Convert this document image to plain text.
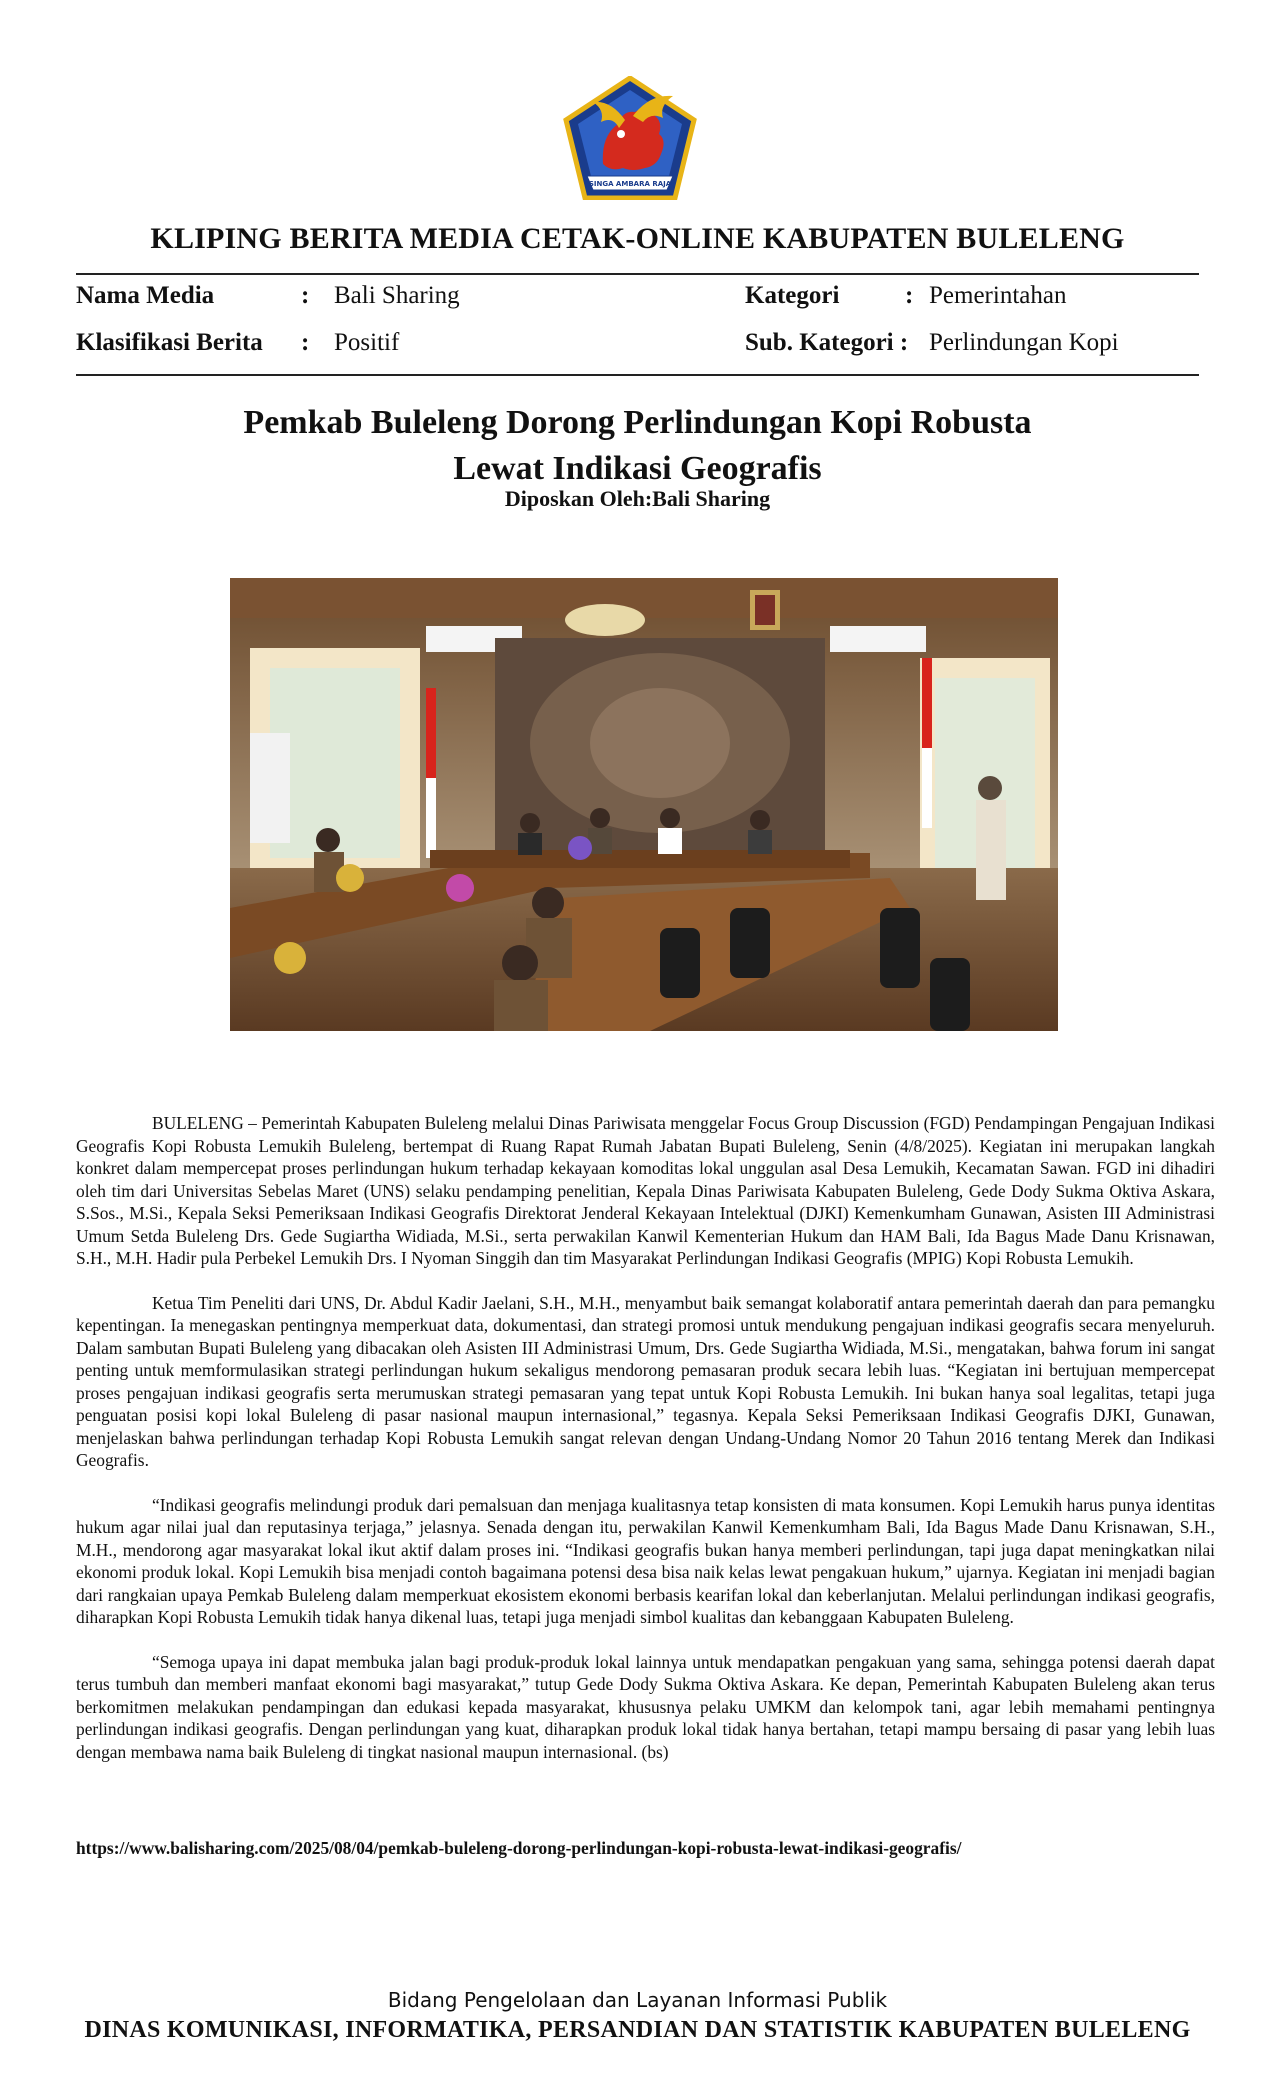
SINGA AMBARA RAJA
KLIPING BERITA MEDIA CETAK-ONLINE KABUPATEN BULELENG
Nama Media	: Bali Sharing	Kategori	: Pemerintahan
Klasifikasi Berita : Positif	Sub. Kategori : Perlindungan Kopi
Pemkab Buleleng Dorong Perlindungan Kopi Robusta
Lewat Indikasi Geografis
Diposkan Oleh:Bali Sharing

BULELENG – Pemerintah Kabupaten Buleleng melalui Dinas Pariwisata menggelar Focus Group Discussion (FGD) Pendampingan Pengajuan Indikasi Geografis Kopi Robusta Lemukih Buleleng, bertempat di Ruang Rapat Rumah Jabatan Bupati Buleleng, Senin (4/8/2025). Kegiatan ini merupakan langkah konkret dalam mempercepat proses perlindungan hukum terhadap kekayaan komoditas lokal unggulan asal Desa Lemukih, Kecamatan Sawan. FGD ini dihadiri oleh tim dari Universitas Sebelas Maret (UNS) selaku pendamping penelitian, Kepala Dinas Pariwisata Kabupaten Buleleng, Gede Dody Sukma Oktiva Askara, S.Sos., M.Si., Kepala Seksi Pemeriksaan Indikasi Geografis Direktorat Jenderal Kekayaan Intelektual (DJKI) Kemenkumham Gunawan, Asisten III Administrasi Umum Setda Buleleng Drs. Gede Sugiartha Widiada, M.Si., serta perwakilan Kanwil Kementerian Hukum dan HAM Bali, Ida Bagus Made Danu Krisnawan, S.H., M.H. Hadir pula Perbekel Lemukih Drs. I Nyoman Singgih dan tim Masyarakat Perlindungan Indikasi Geografis (MPIG) Kopi Robusta Lemukih.

Ketua Tim Peneliti dari UNS, Dr. Abdul Kadir Jaelani, S.H., M.H., menyambut baik semangat kolaboratif antara pemerintah daerah dan para pemangku kepentingan. Ia menegaskan pentingnya memperkuat data, dokumentasi, dan strategi promosi untuk mendukung pengajuan indikasi geografis secara menyeluruh. Dalam sambutan Bupati Buleleng yang dibacakan oleh Asisten III Administrasi Umum, Drs. Gede Sugiartha Widiada, M.Si., mengatakan, bahwa forum ini sangat penting untuk memformulasikan strategi perlindungan hukum sekaligus mendorong pemasaran produk secara lebih luas. “Kegiatan ini bertujuan mempercepat proses pengajuan indikasi geografis serta merumuskan strategi pemasaran yang tepat untuk Kopi Robusta Lemukih. Ini bukan hanya soal legalitas, tetapi juga penguatan posisi kopi lokal Buleleng di pasar nasional maupun internasional,” tegasnya. Kepala Seksi Pemeriksaan Indikasi Geografis DJKI, Gunawan, menjelaskan bahwa perlindungan terhadap Kopi Robusta Lemukih sangat relevan dengan Undang-Undang Nomor 20 Tahun 2016 tentang Merek dan Indikasi Geografis.

“Indikasi geografis melindungi produk dari pemalsuan dan menjaga kualitasnya tetap konsisten di mata konsumen. Kopi Lemukih harus punya identitas hukum agar nilai jual dan reputasinya terjaga,” jelasnya. Senada dengan itu, perwakilan Kanwil Kemenkumham Bali, Ida Bagus Made Danu Krisnawan, S.H., M.H., mendorong agar masyarakat lokal ikut aktif dalam proses ini. “Indikasi geografis bukan hanya memberi perlindungan, tapi juga dapat meningkatkan nilai ekonomi produk lokal. Kopi Lemukih bisa menjadi contoh bagaimana potensi desa bisa naik kelas lewat pengakuan hukum,” ujarnya. Kegiatan ini menjadi bagian dari rangkaian upaya Pemkab Buleleng dalam memperkuat ekosistem ekonomi berbasis kearifan lokal dan keberlanjutan. Melalui perlindungan indikasi geografis, diharapkan Kopi Robusta Lemukih tidak hanya dikenal luas, tetapi juga menjadi simbol kualitas dan kebanggaan Kabupaten Buleleng.

“Semoga upaya ini dapat membuka jalan bagi produk-produk lokal lainnya untuk mendapatkan pengakuan yang sama, sehingga potensi daerah dapat terus tumbuh dan memberi manfaat ekonomi bagi masyarakat,” tutup Gede Dody Sukma Oktiva Askara. Ke depan, Pemerintah Kabupaten Buleleng akan terus berkomitmen melakukan pendampingan dan edukasi kepada masyarakat, khususnya pelaku UMKM dan kelompok tani, agar lebih memahami pentingnya perlindungan indikasi geografis. Dengan perlindungan yang kuat, diharapkan produk lokal tidak hanya bertahan, tetapi mampu bersaing di pasar yang lebih luas dengan membawa nama baik Buleleng di tingkat nasional maupun internasional. (bs)

https://www.balisharing.com/2025/08/04/pemkab-buleleng-dorong-perlindungan-kopi-robusta-lewat-indikasi-geografis/
Bidang Pengelolaan dan Layanan Informasi Publik
DINAS KOMUNIKASI, INFORMATIKA, PERSANDIAN DAN STATISTIK KABUPATEN BULELENG
